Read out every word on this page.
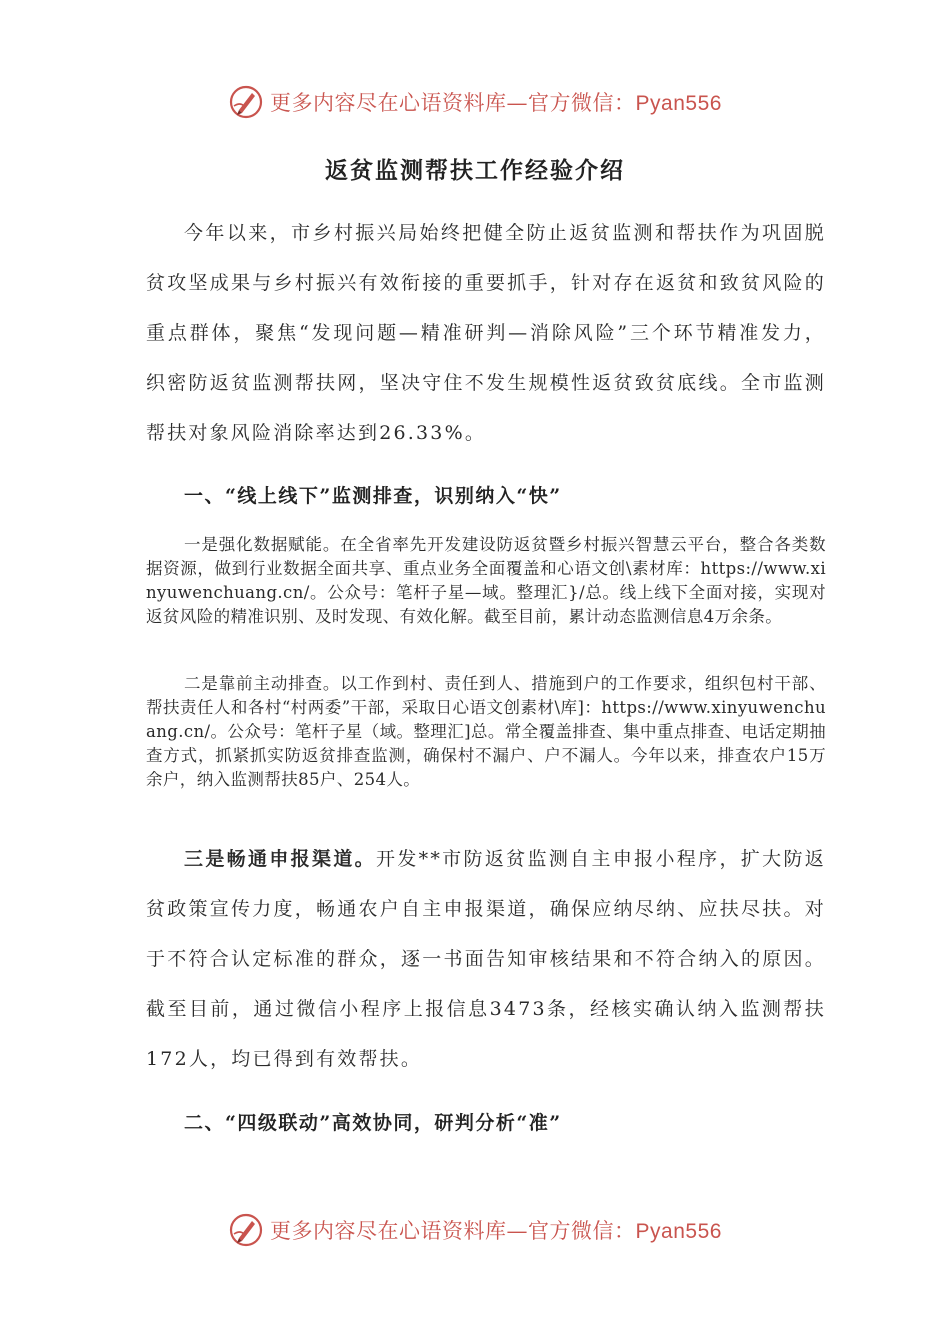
更多内容尽在心语资料库—官方微信：Pyan556
返贫监测帮扶工作经验介绍

今年以来，市乡村振兴局始终把健全防止返贫监测和帮扶作为巩固脱贫攻坚成果与乡村振兴有效衔接的重要抓手，针对存在返贫和致贫风险的重点群体，聚焦“发现问题—精准研判—消除风险”三个环节精准发力，织密防返贫监测帮扶网，坚决守住不发生规模性返贫致贫底线。全市监测帮扶对象风险消除率达到26.33%。

一、“线上线下”监测排查，识别纳入“快”

一是强化数据赋能。在全省率先开发建设防返贫暨乡村振兴智慧云平台，整合各类数据资源，做到行业数据全面共享、重点业务全面覆盖和心语文创\素材库：https://www.xinyuwenchuang.cn/。公众号：笔杆子星—域。整理汇}/总。线上线下全面对接，实现对返贫风险的精准识别、及时发现、有效化解。截至目前，累计动态监测信息4万余条。

二是靠前主动排查。以工作到村、责任到人、措施到户的工作要求，组织包村干部、帮扶责任人和各村“村两委”干部，采取日心语文创素材\库]：https://www.xinyuwenchuang.cn/。公众号：笔杆子星（域。整理汇]总。常全覆盖排查、集中重点排查、电话定期抽查方式，抓紧抓实防返贫排查监测，确保村不漏户、户不漏人。今年以来，排查农户15万余户，纳入监测帮扶85户、254人。

三是畅通申报渠道。开发**市防返贫监测自主申报小程序，扩大防返贫政策宣传力度，畅通农户自主申报渠道，确保应纳尽纳、应扶尽扶。对于不符合认定标准的群众，逐一书面告知审核结果和不符合纳入的原因。截至目前，通过微信小程序上报信息3473条，经核实确认纳入监测帮扶172人，均已得到有效帮扶。

二、“四级联动”高效协同，研判分析“准”

更多内容尽在心语资料库—官方微信：Pyan556
